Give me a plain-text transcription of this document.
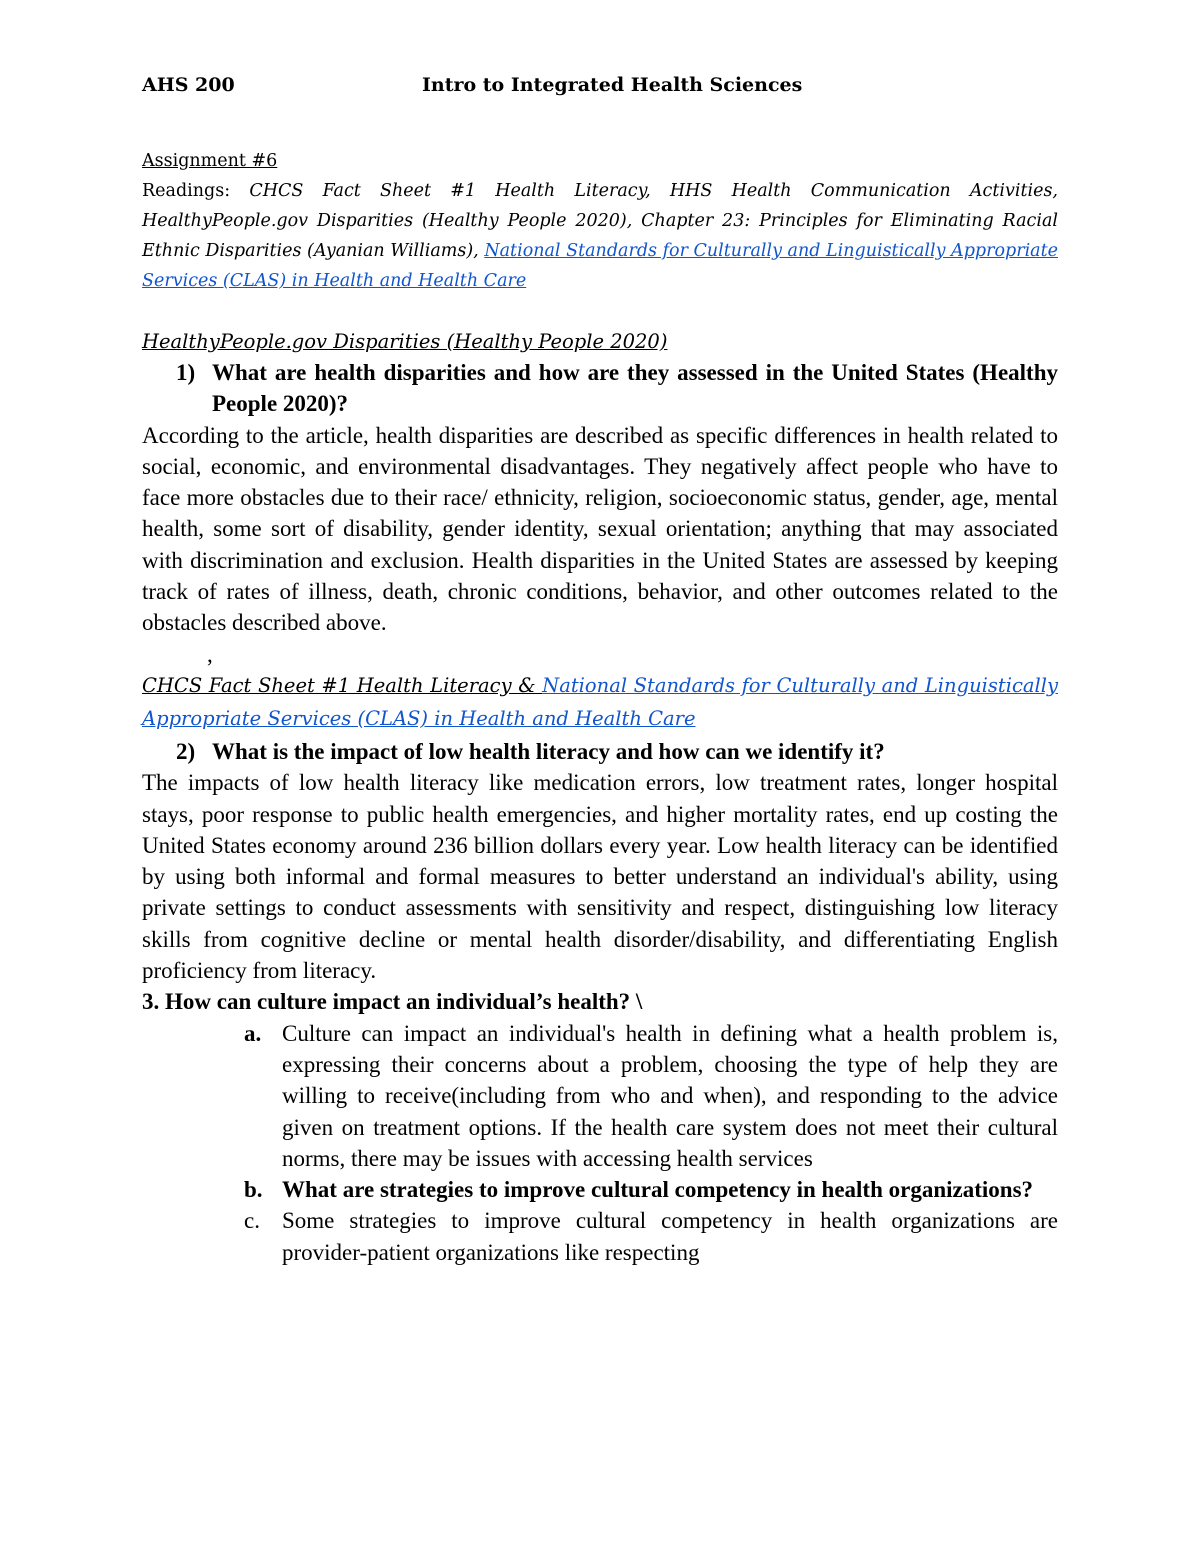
AHS 200	Intro to Integrated Health Sciences

Assignment #6

Readings: CHCS Fact Sheet #1 Health Literacy, HHS Health Communication Activities, HealthyPeople.gov Disparities (Healthy People 2020), Chapter 23: Principles for Eliminating Racial Ethnic Disparities (Ayanian Williams), National Standards for Culturally and Linguistically Appropriate Services (CLAS) in Health and Health Care

HealthyPeople.gov Disparities (Healthy People 2020)

1) What are health disparities and how are they assessed in the United States (Healthy People 2020)?

According to the article, health disparities are described as specific differences in health related to social, economic, and environmental disadvantages. They negatively affect people who have to face more obstacles due to their race/ ethnicity, religion, socioeconomic status, gender, age, mental health, some sort of disability, gender identity, sexual orientation; anything that may associated with discrimination and exclusion. Health disparities in the United States are assessed by keeping track of rates of illness, death, chronic conditions, behavior, and other outcomes related to the obstacles described above.

,

CHCS Fact Sheet #1 Health Literacy & National Standards for Culturally and Linguistically Appropriate Services (CLAS) in Health and Health Care

2) What is the impact of low health literacy and how can we identify it?

The impacts of low health literacy like medication errors, low treatment rates, longer hospital stays, poor response to public health emergencies, and higher mortality rates, end up costing the United States economy around 236 billion dollars every year. Low health literacy can be identified by using both informal and formal measures to better understand an individual's ability, using private settings to conduct assessments with sensitivity and respect, distinguishing low literacy skills from cognitive decline or mental health disorder/disability, and differentiating English proficiency from literacy.

3. How can culture impact an individual’s health? \

a. Culture can impact an individual's health in defining what a health problem is, expressing their concerns about a problem, choosing the type of help they are willing to receive(including from who and when), and responding to the advice given on treatment options. If the health care system does not meet their cultural norms, there may be issues with accessing health services
b. What are strategies to improve cultural competency in health organizations?
c. Some strategies to improve cultural competency in health organizations are provider-patient organizations like respecting
